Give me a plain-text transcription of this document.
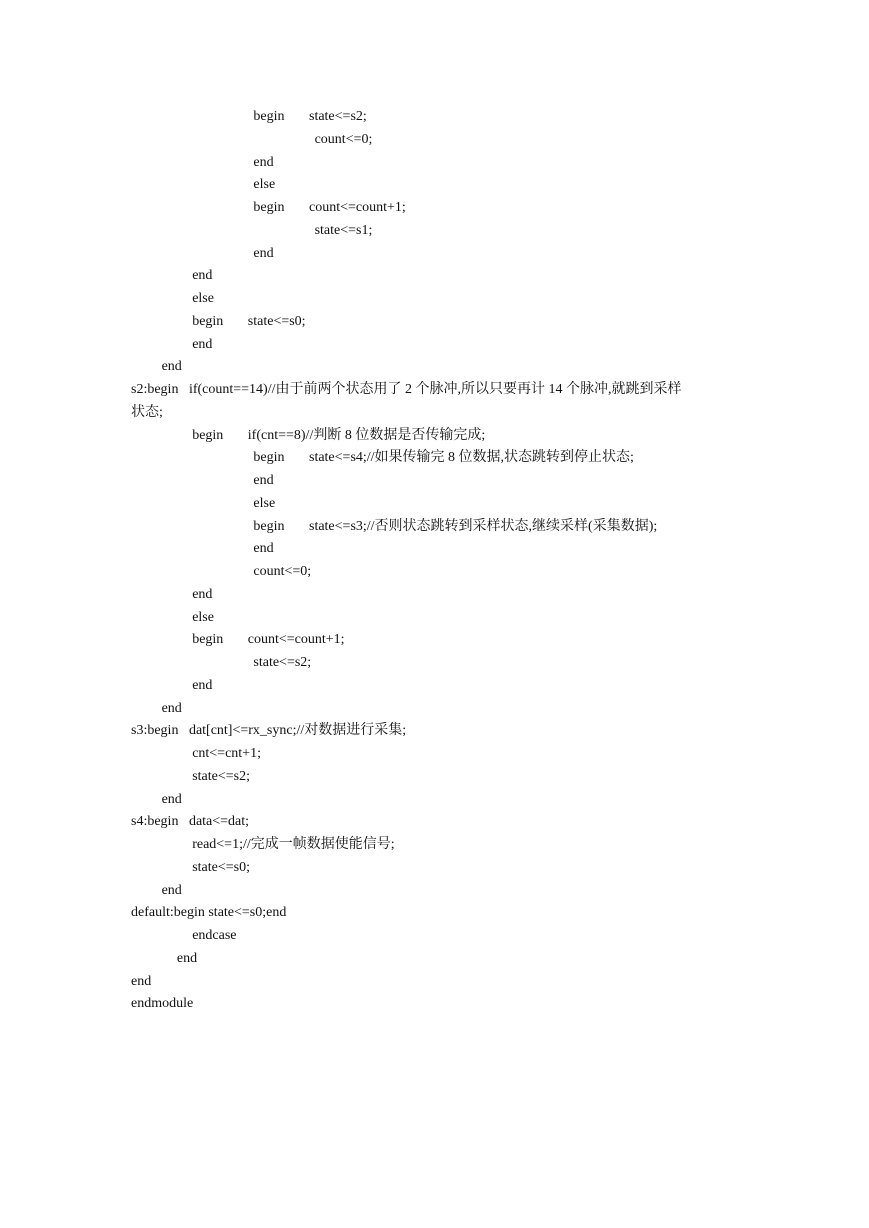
begin       state<=s2;
count<=0;
end
else
begin       count<=count+1;
state<=s1;
end
end
else
begin       state<=s0;
end
end
s2:begin   if(count==14)//由于前两个状态用了 2 个脉冲,所以只要再计 14 个脉冲,就跳到采样
状态;
begin       if(cnt==8)//判断 8 位数据是否传输完成;
begin       state<=s4;//如果传输完 8 位数据,状态跳转到停止状态;
end
else
begin       state<=s3;//否则状态跳转到采样状态,继续采样(采集数据);
end
count<=0;
end
else
begin       count<=count+1;
state<=s2;
end
end
s3:begin   dat[cnt]<=rx_sync;//对数据进行采集;
cnt<=cnt+1;
state<=s2;
end
s4:begin   data<=dat;
read<=1;//完成一帧数据使能信号;
state<=s0;
end
default:begin state<=s0;end
endcase
end
end
endmodule
